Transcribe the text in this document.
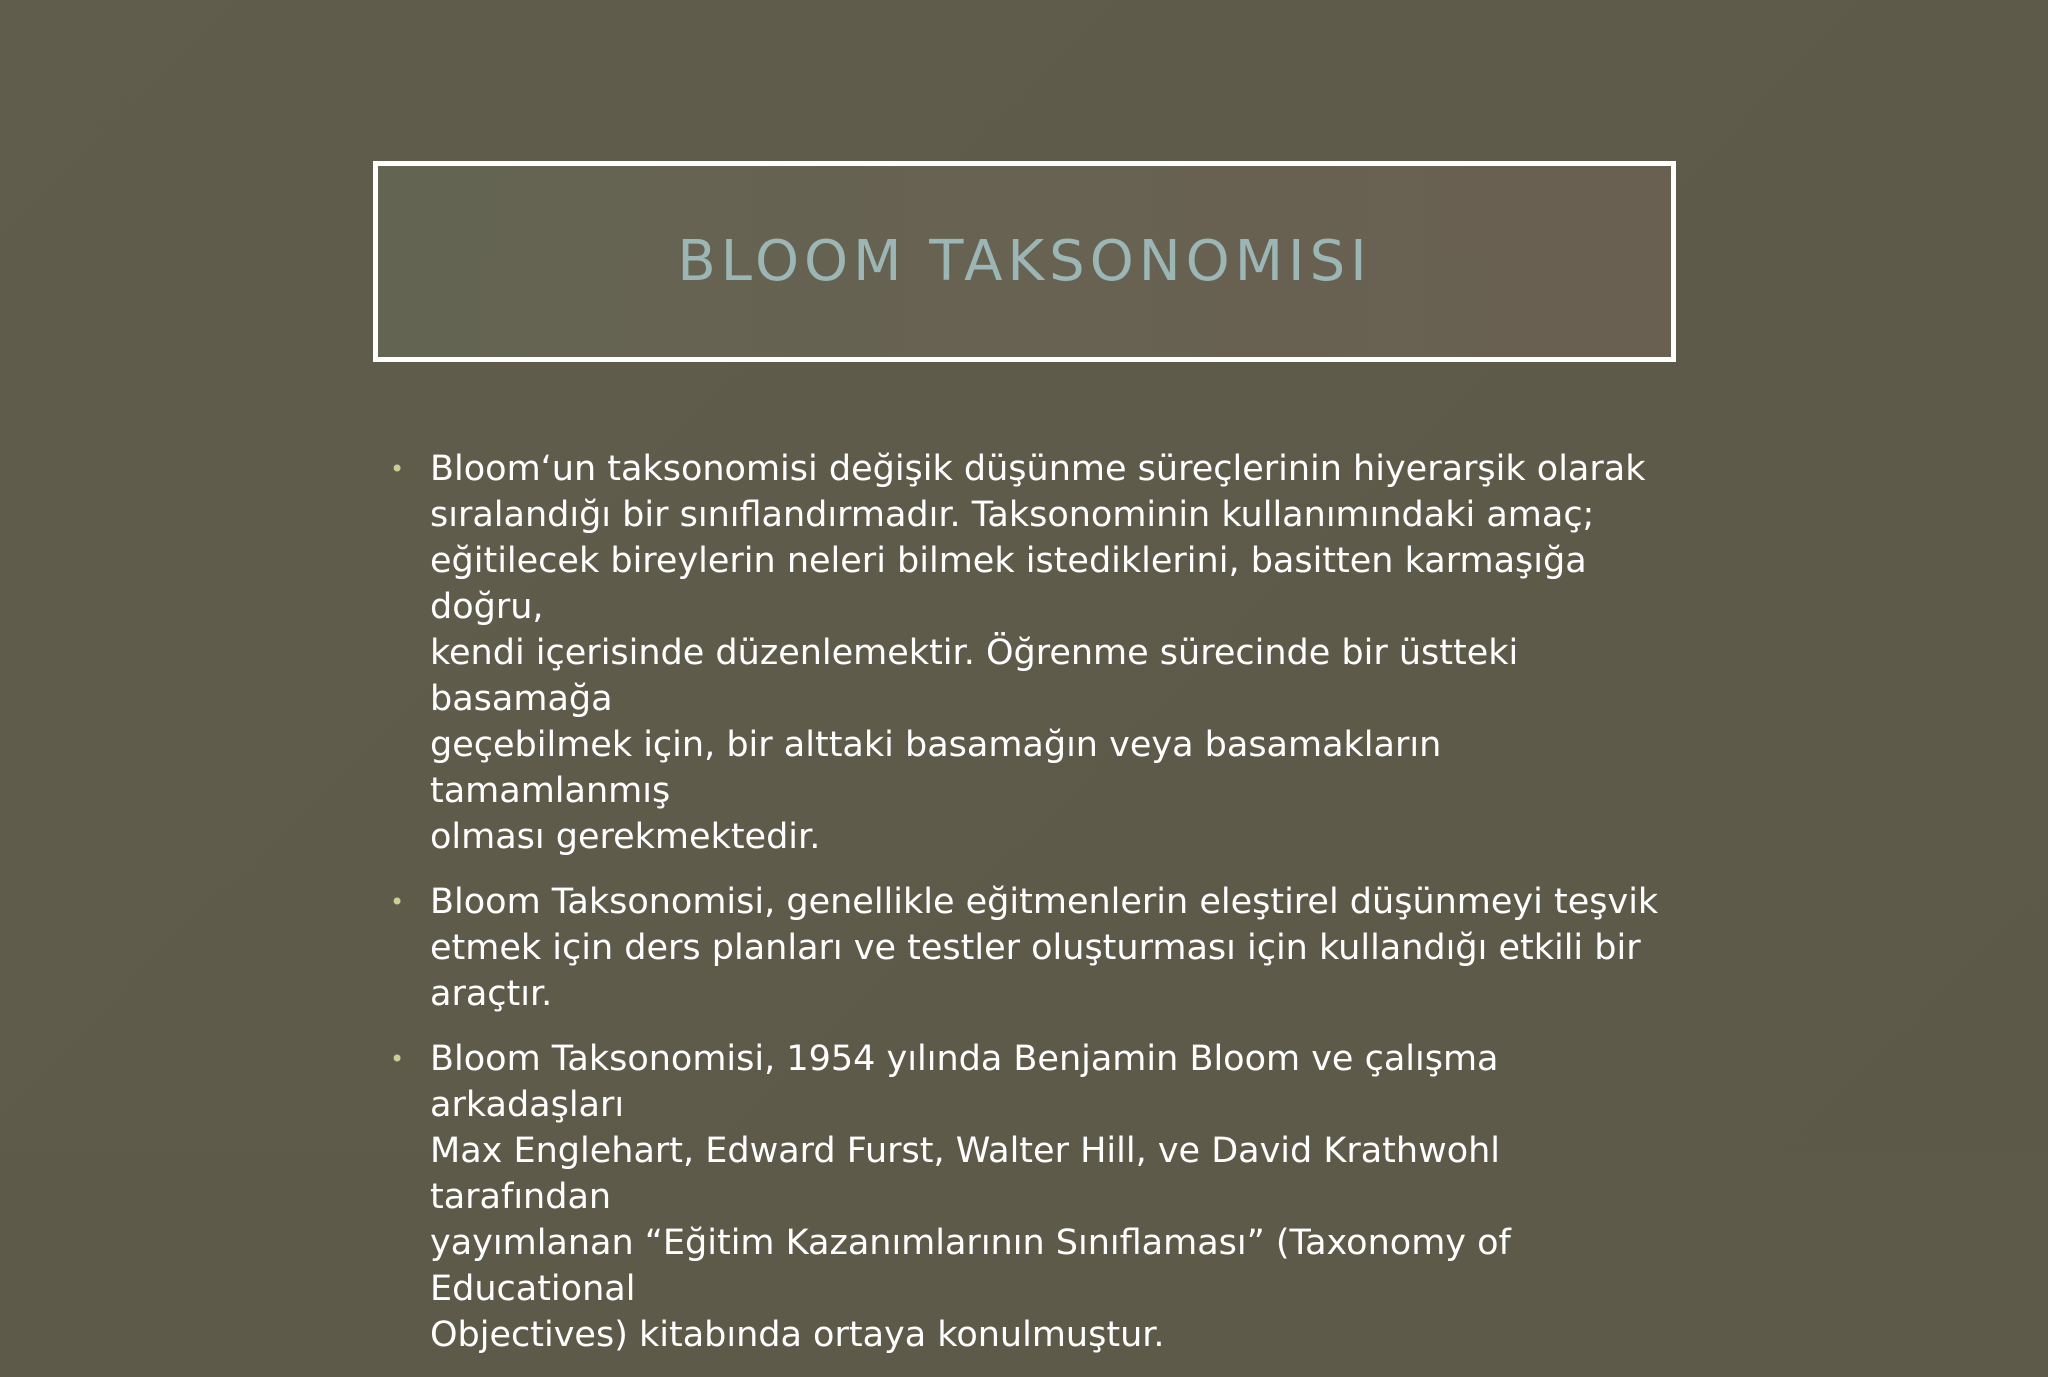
BLOOM TAKSONOMISI
• Bloom‘un taksonomisi değişik düşünme süreçlerinin hiyerarşik olarak
sıralandığı bir sınıflandırmadır. Taksonominin kullanımındaki amaç;
eğitilecek bireylerin neleri bilmek istediklerini, basitten karmaşığa doğru,
kendi içerisinde düzenlemektir. Öğrenme sürecinde bir üstteki basamağa
geçebilmek için, bir alttaki basamağın veya basamakların tamamlanmış
olması gerekmektedir.
• Bloom Taksonomisi, genellikle eğitmenlerin eleştirel düşünmeyi teşvik
etmek için ders planları ve testler oluşturması için kullandığı etkili bir
araçtır.
• Bloom Taksonomisi, 1954 yılında Benjamin Bloom ve çalışma arkadaşları
Max Englehart, Edward Furst, Walter Hill, ve David Krathwohl tarafından
yayımlanan “Eğitim Kazanımlarının Sınıflaması” (Taxonomy of Educational
Objectives) kitabında ortaya konulmuştur.
